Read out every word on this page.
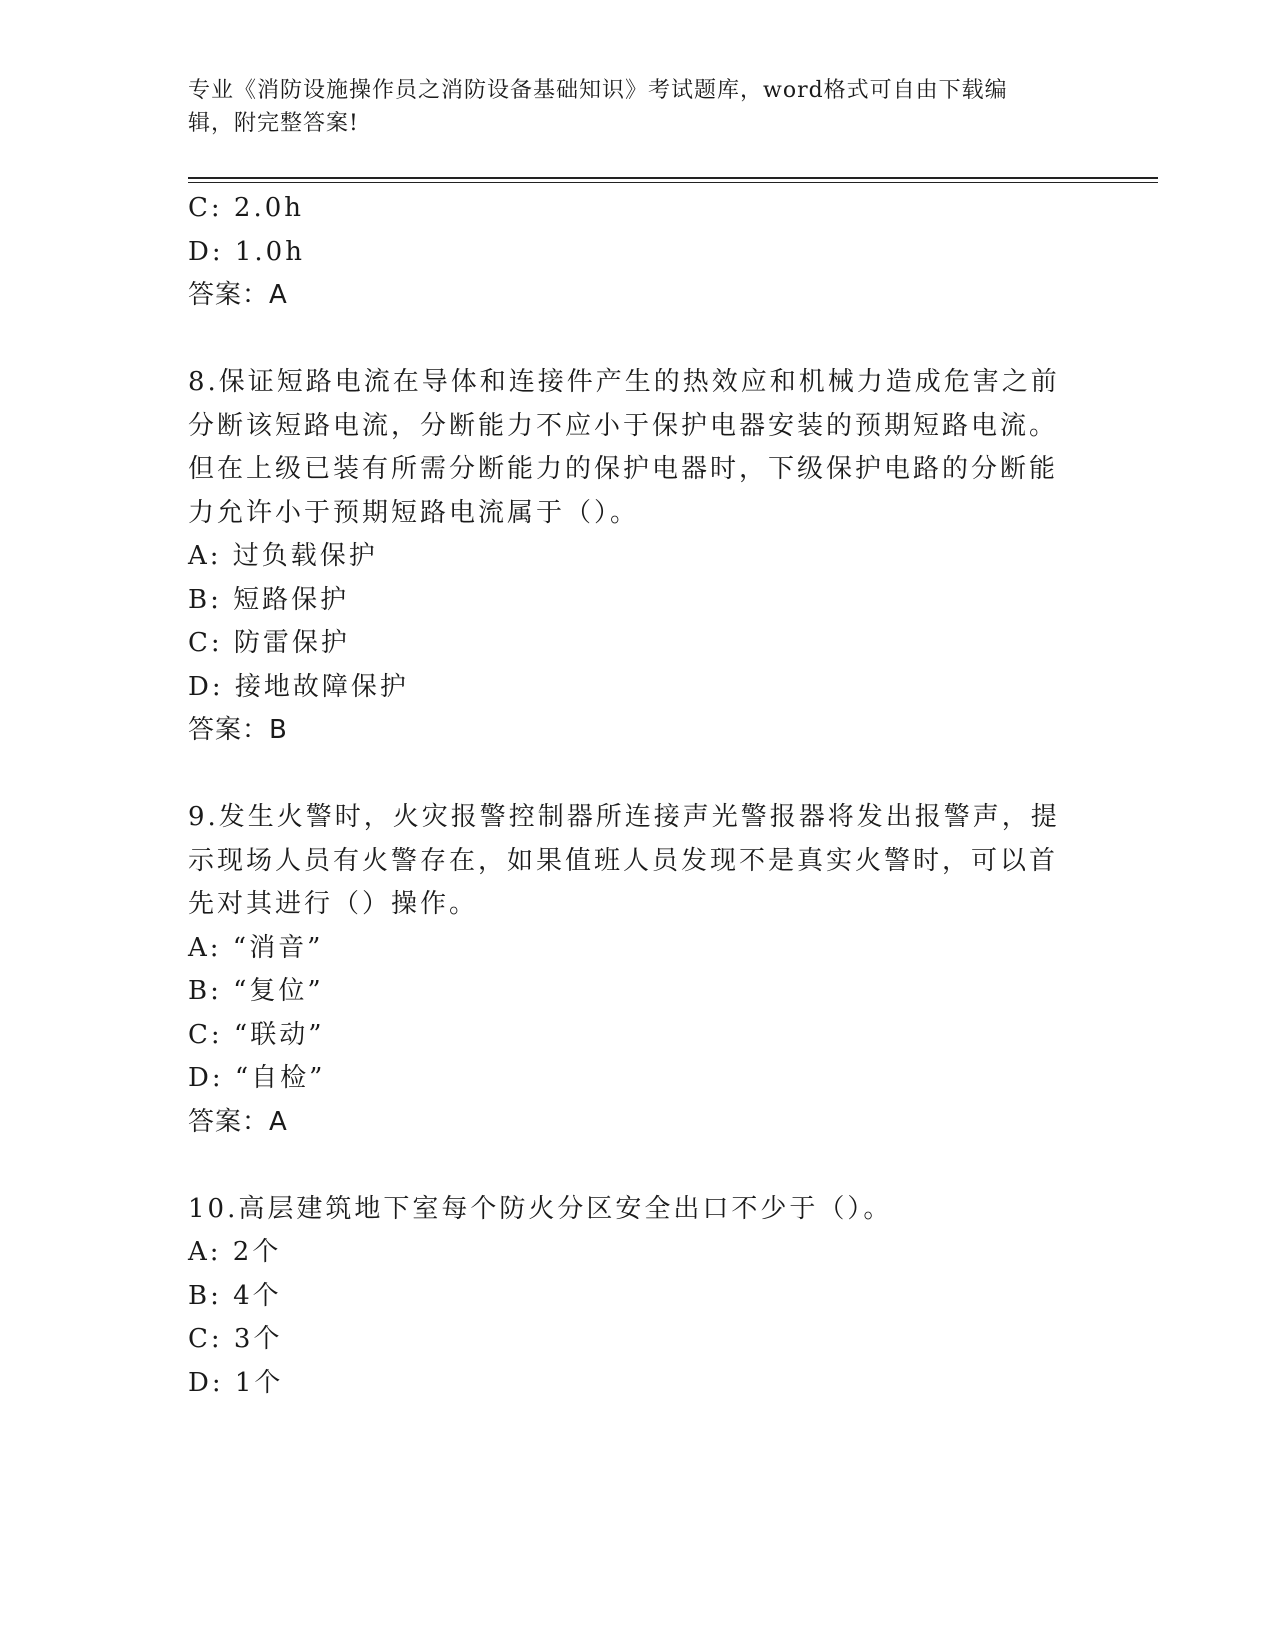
专业《消防设施操作员之消防设备基础知识》考试题库，word格式可自由下载编
辑，附完整答案!
C: 2.0h
D: 1.0h
答案：A
8.保证短路电流在导体和连接件产生的热效应和机械力造成危害之前
分断该短路电流，分断能力不应小于保护电器安装的预期短路电流。
但在上级已装有所需分断能力的保护电器时，下级保护电路的分断能
力允许小于预期短路电流属于（）。
A: 过负载保护
B: 短路保护
C: 防雷保护
D: 接地故障保护
答案：B
9.发生火警时，火灾报警控制器所连接声光警报器将发出报警声，提
示现场人员有火警存在，如果值班人员发现不是真实火警时，可以首
先对其进行（）操作。
A: “消音”
B: “复位”
C: “联动”
D: “自检”
答案：A
10.高层建筑地下室每个防火分区安全出口不少于（）。
A: 2个
B: 4个
C: 3个
D: 1个
